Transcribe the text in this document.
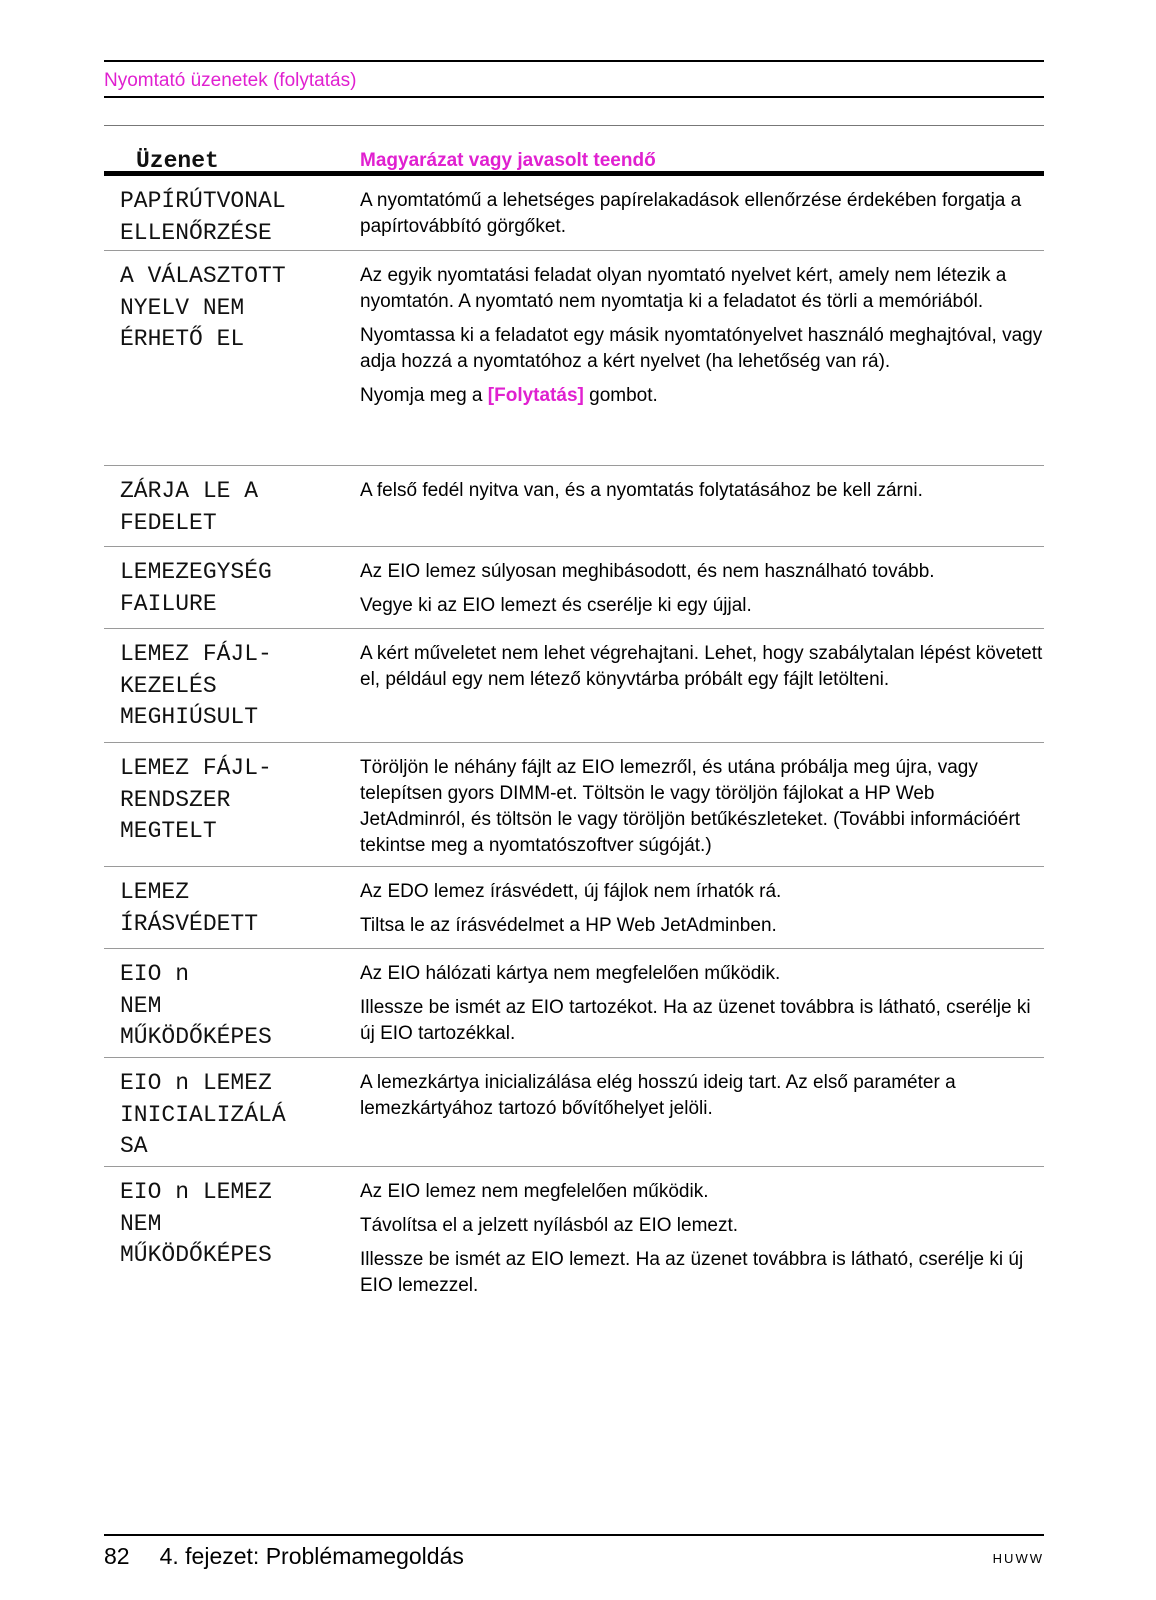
Nyomtató üzenetek (folytatás)
Üzenet	Magyarázat vagy javasolt teendő
PAPÍRÚTVONAL
ELLENŐRZÉSE

A nyomtatómű a lehetséges papírelakadások ellenőrzése érdekében forgatja a papírtovábbító görgőket.

A VÁLASZTOTT
NYELV NEM
ÉRHETŐ EL

Az egyik nyomtatási feladat olyan nyomtató nyelvet kért, amely nem létezik a nyomtatón. A nyomtató nem nyomtatja ki a feladatot és törli a memóriából.

Nyomtassa ki a feladatot egy másik nyomtatónyelvet használó meghajtóval, vagy adja hozzá a nyomtatóhoz a kért nyelvet (ha lehetőség van rá).

Nyomja meg a [Folytatás] gombot.

ZÁRJA LE A
FEDELET

A felső fedél nyitva van, és a nyomtatás folytatásához be kell zárni.

LEMEZEGYSÉG
FAILURE

Az EIO lemez súlyosan meghibásodott, és nem használható tovább.

Vegye ki az EIO lemezt és cserélje ki egy újjal.

LEMEZ FÁJL-
KEZELÉS
MEGHIÚSULT

A kért műveletet nem lehet végrehajtani. Lehet, hogy szabálytalan lépést követett el, például egy nem létező könyvtárba próbált egy fájlt letölteni.

LEMEZ FÁJL-
RENDSZER
MEGTELT

Töröljön le néhány fájlt az EIO lemezről, és utána próbálja meg újra, vagy telepítsen gyors DIMM-et. Töltsön le vagy töröljön fájlokat a HP Web JetAdminról, és töltsön le vagy töröljön betűkészleteket. (További információért tekintse meg a nyomtatószoftver súgóját.)

LEMEZ
ÍRÁSVÉDETT

Az EDO lemez írásvédett, új fájlok nem írhatók rá.

Tiltsa le az írásvédelmet a HP Web JetAdminben.

EIO n
NEM
MŰKÖDŐKÉPES

Az EIO hálózati kártya nem megfelelően működik.

Illessze be ismét az EIO tartozékot. Ha az üzenet továbbra is látható, cserélje ki új EIO tartozékkal.

EIO n LEMEZ
INICIALIZÁLÁ
SA

A lemezkártya inicializálása elég hosszú ideig tart. Az első paraméter a lemezkártyához tartozó bővítőhelyet jelöli.

EIO n LEMEZ
NEM
MŰKÖDŐKÉPES

Az EIO lemez nem megfelelően működik.

Távolítsa el a jelzett nyílásból az EIO lemezt.

Illessze be ismét az EIO lemezt. Ha az üzenet továbbra is látható, cserélje ki új EIO lemezzel.

82 4. fejezet: Problémamegoldás	HUWW
